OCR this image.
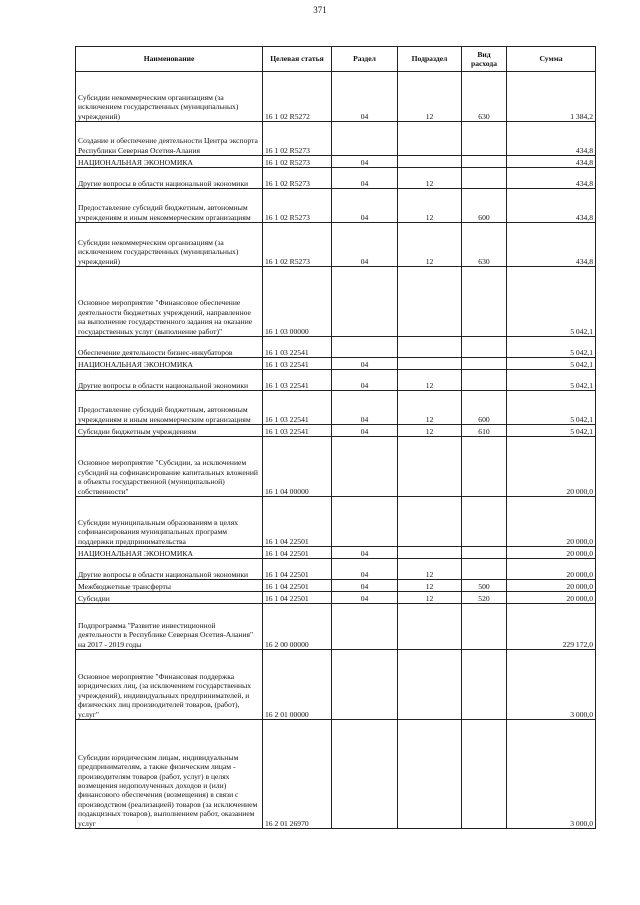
371
Наименование	Целевая статья	Раздел	Подраздел	Вид расхода	Сумма
Субсидии некоммерческим организациям (за исключением государственных (муниципальных) учреждений)	16 1 02 R5272	04	12	630	1 384,2
Создание и обеспечение деятельности Центра экспорта Республики Северная Осетия-Алания	16 1 02 R5273				434,8
НАЦИОНАЛЬНАЯ ЭКОНОМИКА	16 1 02 R5273	04			434,8
Другие вопросы в области национальной экономики	16 1 02 R5273	04	12		434,8
Предоставление субсидий бюджетным, автономным учреждениям и иным некоммерческим организациям	16 1 02 R5273	04	12	600	434,8
Субсидии некоммерческим организациям (за исключением государственных (муниципальных) учреждений)	16 1 02 R5273	04	12	630	434,8
Основное мероприятие "Финансовое обеспечение деятельности бюджетных учреждений, направленное на выполнение государственного задания на оказание государственных услуг (выполнение работ)"	16 1 03 00000				5 042,1
Обеспечение деятельности бизнес-инкубаторов	16 1 03 22541				5 042,1
НАЦИОНАЛЬНАЯ ЭКОНОМИКА	16 1 03 22541	04			5 042,1
Другие вопросы в области национальной экономики	16 1 03 22541	04	12		5 042,1
Предоставление субсидий бюджетным, автономным учреждениям и иным некоммерческим организациям	16 1 03 22541	04	12	600	5 042,1
Субсидии бюджетным учреждениям	16 1 03 22541	04	12	610	5 042,1
Основное мероприятие "Субсидии, за исключением субсидий на софинансирование капитальных вложений в объекты государственной (муниципальной) собственности"	16 1 04 00000				20 000,0
Субсидии муниципальным образованиям в целях софинансирования муниципальных программ поддержки предпринимательства	16 1 04 22501				20 000,0
НАЦИОНАЛЬНАЯ ЭКОНОМИКА	16 1 04 22501	04			20 000,0
Другие вопросы в области национальной экономики	16 1 04 22501	04	12		20 000,0
Межбюджетные трансферты	16 1 04 22501	04	12	500	20 000,0
Субсидии	16 1 04 22501	04	12	520	20 000,0
Подпрограмма "Развитие инвестиционной деятельности в Республике Северная Осетия-Алания" на 2017 - 2019 годы	16 2 00 00000				229 172,0
Основное мероприятие "Финансовая поддержка юридических лиц, (за исключением государственных учреждений), индивидуальных предпринимателей, и физических лиц производителей товаров, (работ), услуг"	16 2 01 00000				3 000,0
Субсидии юридическим лицам, индивидуальным предпринимателям, а также физическим лицам - производителям товаров (работ, услуг) в целях возмещения недополученных доходов и (или) финансового обеспечения (возмещения) в связи с производством (реализацией) товаров (за исключением подакцизных товаров), выполнением работ, оказанием услуг	16 2 01 26970				3 000,0
